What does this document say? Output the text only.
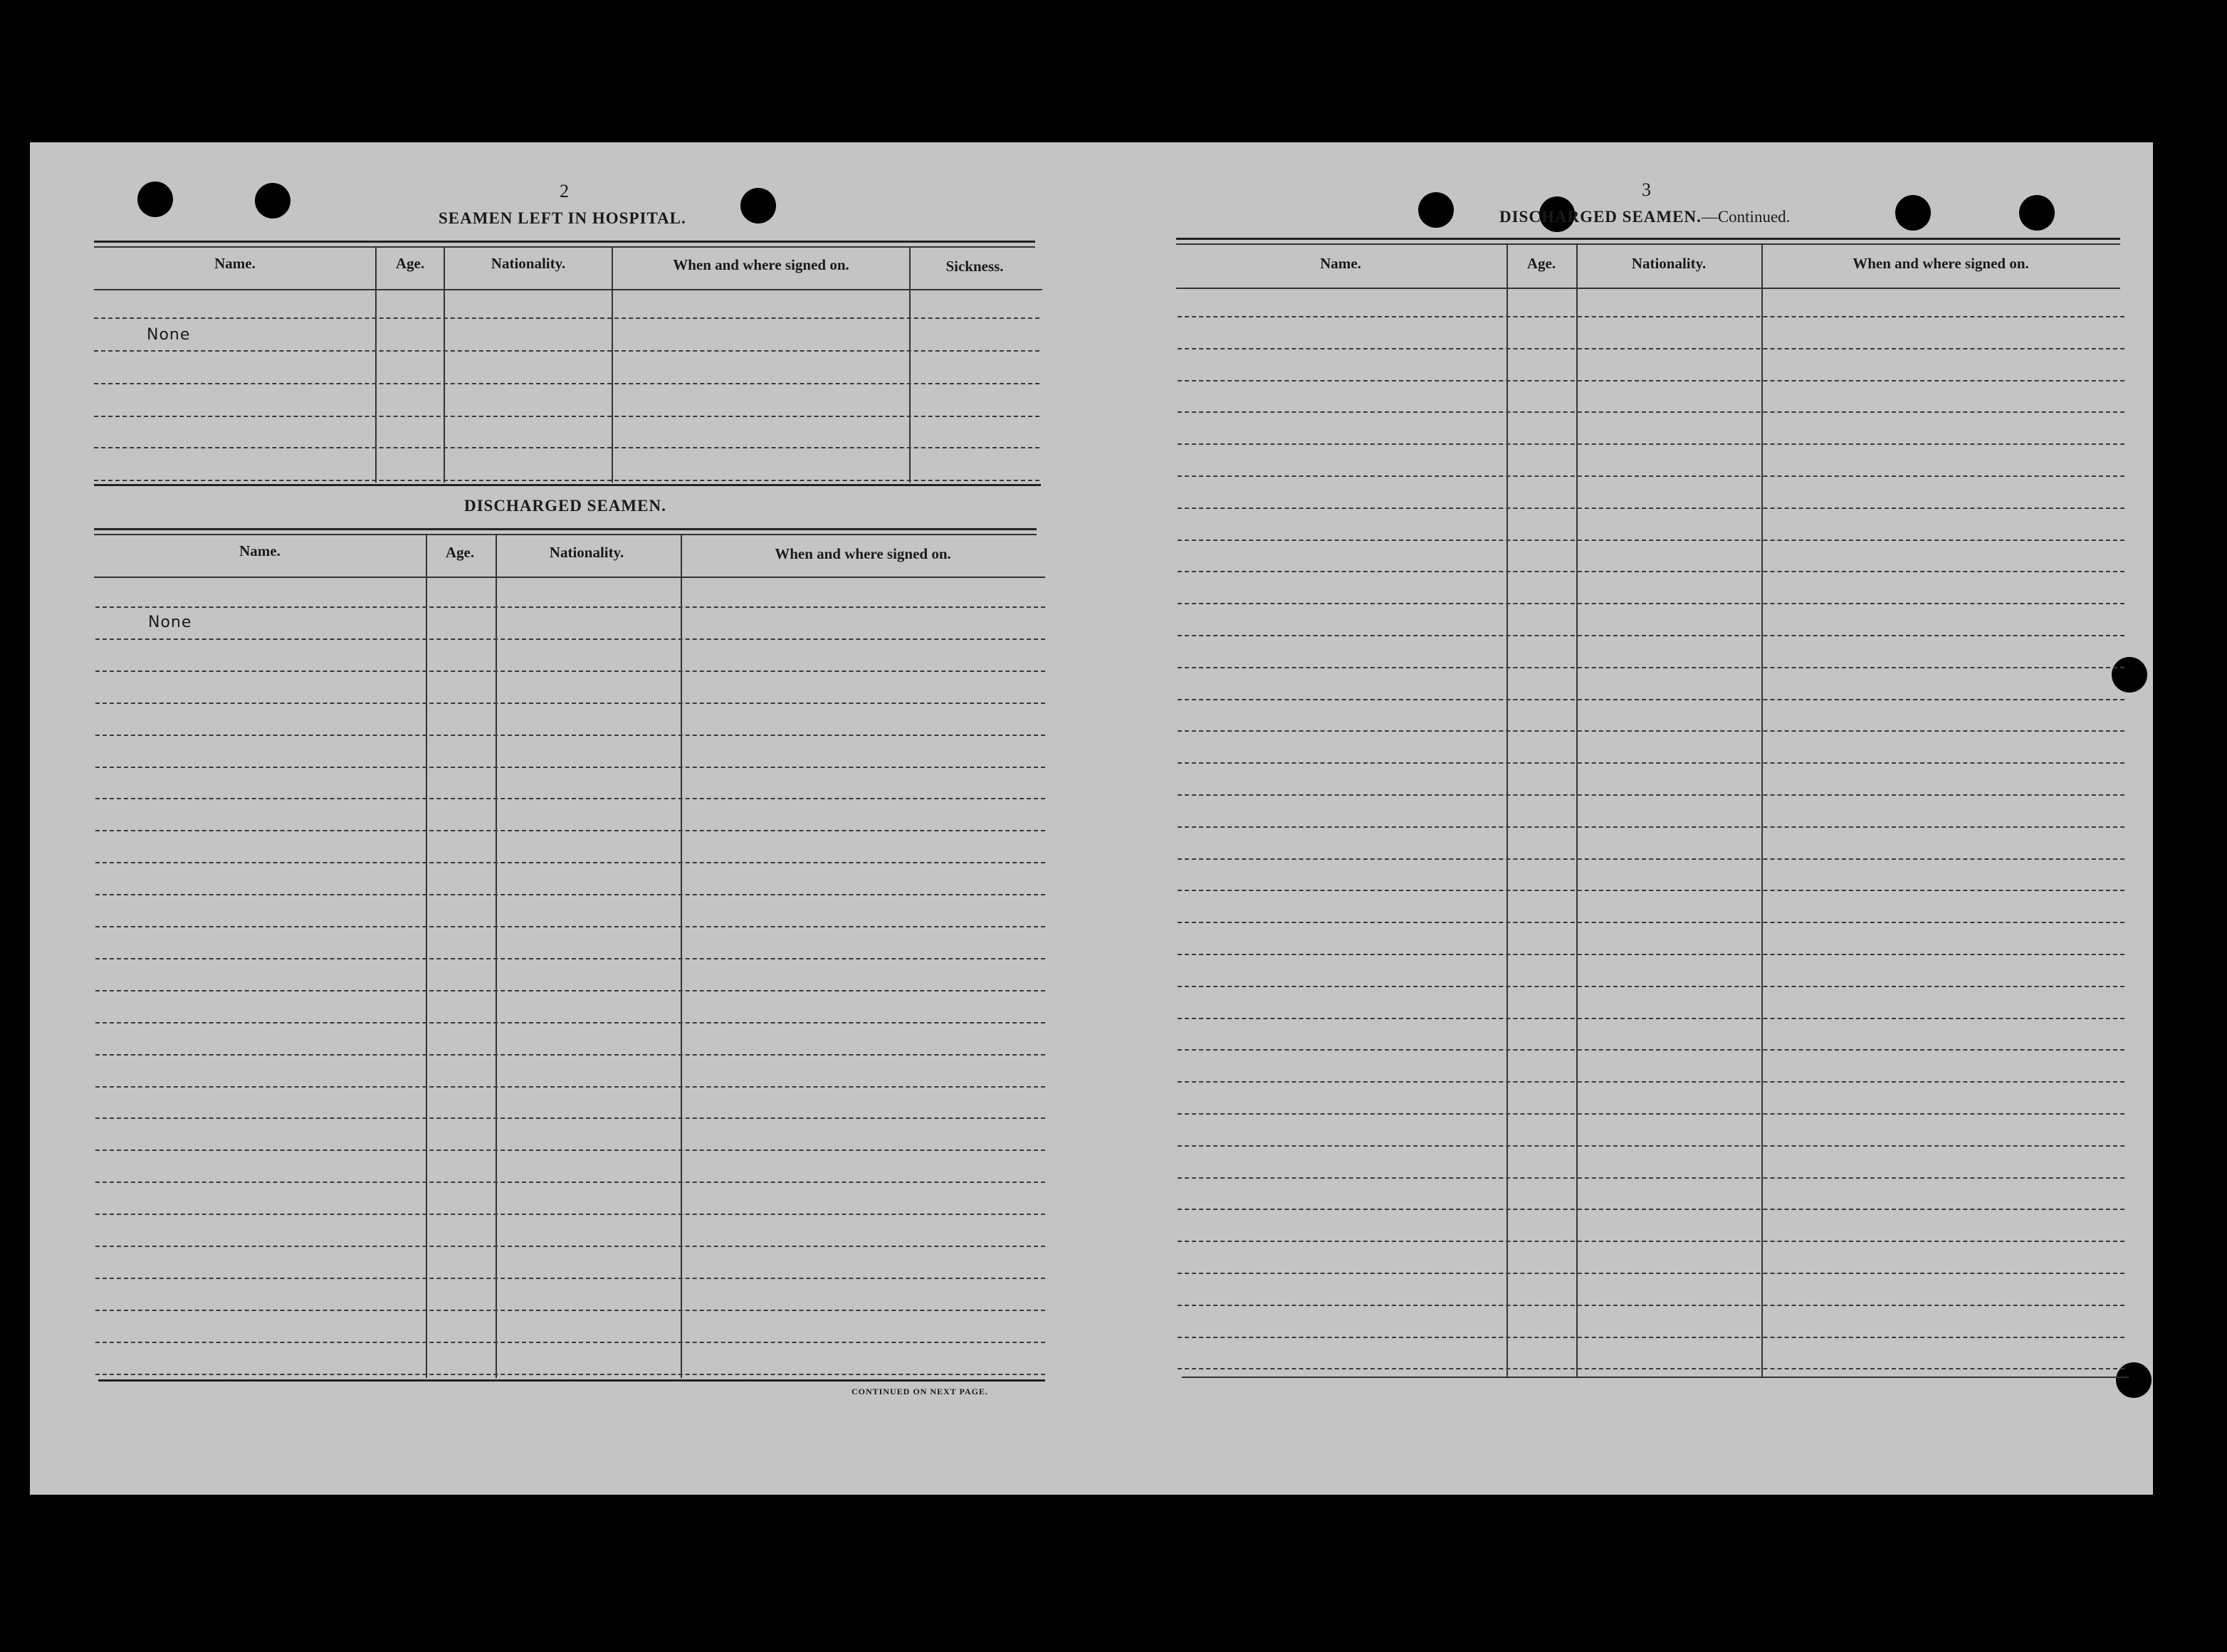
2
SEAMEN LEFT IN HOSPITAL.
Name.	Age.	Nationality.	When and where signed on.	Sickness.
None
DISCHARGED SEAMEN.
Name.	Age.	Nationality.	When and where signed on.
None
CONTINUED ON NEXT PAGE.
3
DISCHARGED SEAMEN.—Continued.
Name.	Age.	Nationality.	When and where signed on.
